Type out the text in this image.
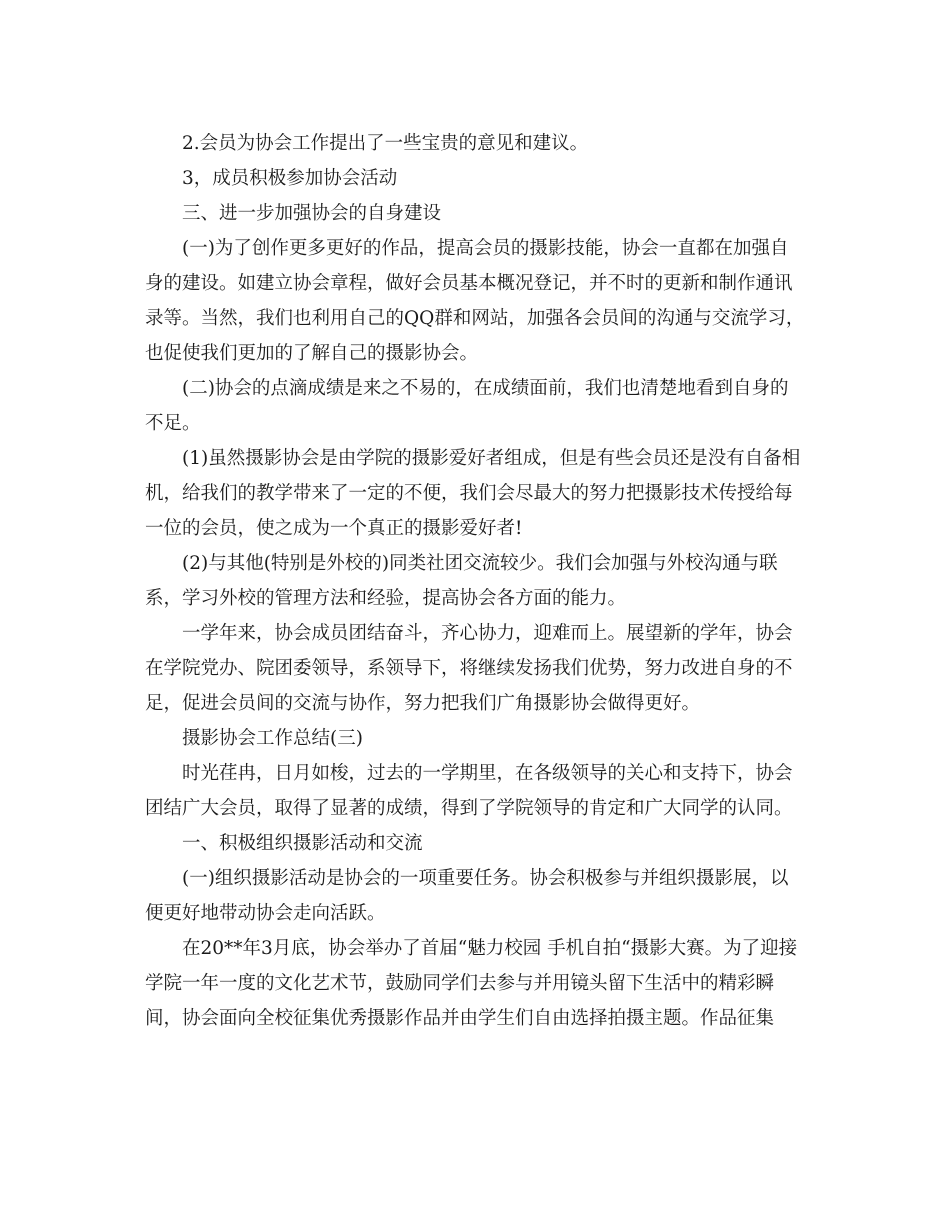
2.会员为协会工作提出了一些宝贵的意见和建议。

3，成员积极参加协会活动

三、进一步加强协会的自身建设

(一)为了创作更多更好的作品，提高会员的摄影技能，协会一直都在加强自身的建设。如建立协会章程，做好会员基本概况登记，并不时的更新和制作通讯录等。当然，我们也利用自己的QQ群和网站，加强各会员间的沟通与交流学习，也促使我们更加的了解自己的摄影协会。

(二)协会的点滴成绩是来之不易的，在成绩面前，我们也清楚地看到自身的不足。

(1)虽然摄影协会是由学院的摄影爱好者组成，但是有些会员还是没有自备相机，给我们的教学带来了一定的不便，我们会尽最大的努力把摄影技术传授给每一位的会员，使之成为一个真正的摄影爱好者!

(2)与其他(特别是外校的)同类社团交流较少。我们会加强与外校沟通与联系，学习外校的管理方法和经验，提高协会各方面的能力。

一学年来，协会成员团结奋斗，齐心协力，迎难而上。展望新的学年，协会在学院党办、院团委领导，系领导下，将继续发扬我们优势，努力改进自身的不足，促进会员间的交流与协作，努力把我们广角摄影协会做得更好。

摄影协会工作总结(三)

时光荏冉，日月如梭，过去的一学期里，在各级领导的关心和支持下，协会团结广大会员，取得了显著的成绩，得到了学院领导的肯定和广大同学的认同。

一、积极组织摄影活动和交流

(一)组织摄影活动是协会的一项重要任务。协会积极参与并组织摄影展，以便更好地带动协会走向活跃。

在20**年3月底，协会举办了首届“魅力校园 手机自拍“摄影大赛。为了迎接学院一年一度的文化艺术节，鼓励同学们去参与并用镜头留下生活中的精彩瞬间，协会面向全校征集优秀摄影作品并由学生们自由选择拍摄主题。作品征集
